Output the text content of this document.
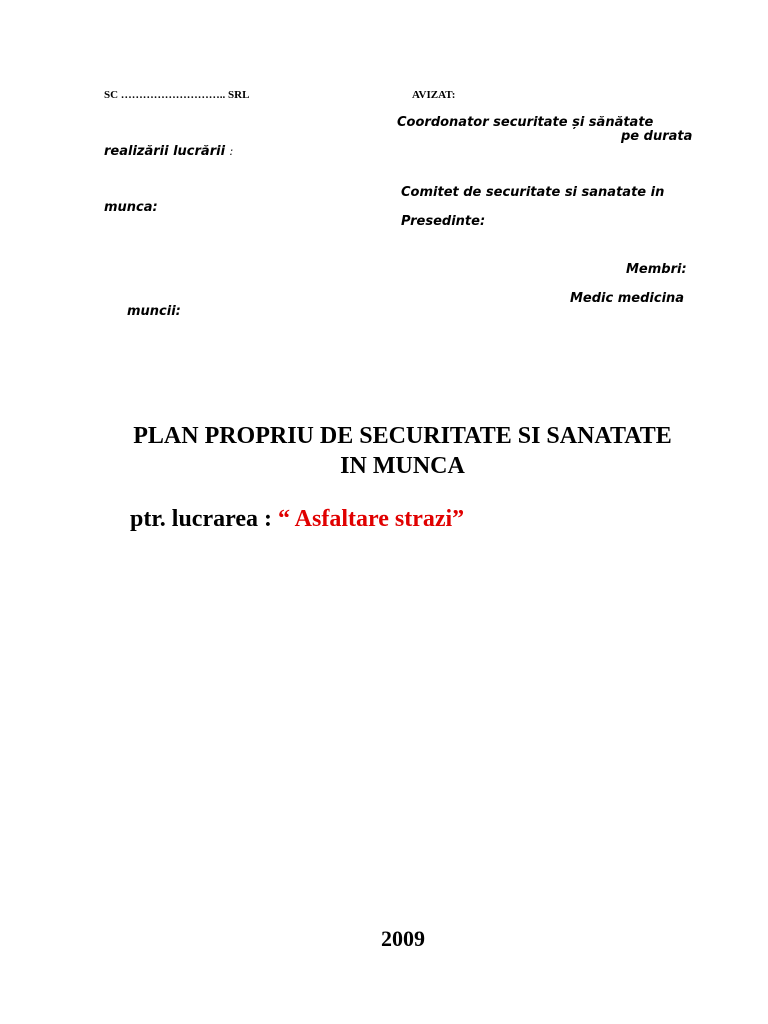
SC ……………………….. SRL	AVIZAT:
Coordonator securitate și sănătate
pe durata
realizării lucrării :
Comitet de securitate si sanatate in
munca:
Presedinte:
Membri:
Medic medicina
muncii:
PLAN PROPRIU DE SECURITATE SI SANATATE
IN MUNCA
ptr. lucrarea : “ Asfaltare strazi”
2009
